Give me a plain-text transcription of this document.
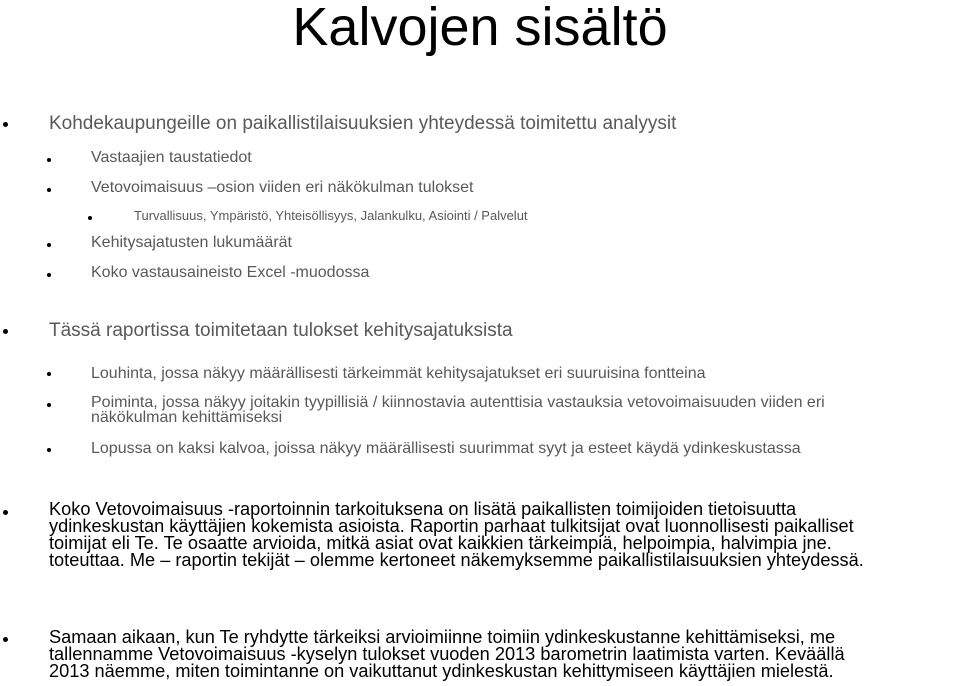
Kalvojen sisältö
Kohdekaupungeille on paikallistilaisuuksien yhteydessä toimitettu analyysit
Vastaajien taustatiedot
Vetovoimaisuus –osion viiden eri näkökulman tulokset
Turvallisuus, Ympäristö, Yhteisöllisyys, Jalankulku, Asiointi / Palvelut
Kehitysajatusten lukumäärät
Koko vastausaineisto Excel -muodossa
Tässä raportissa toimitetaan tulokset kehitysajatuksista
Louhinta, jossa näkyy määrällisesti tärkeimmät kehitysajatukset eri suuruisina fontteina
Poiminta, jossa näkyy joitakin tyypillisiä / kiinnostavia autenttisia vastauksia vetovoimaisuuden viiden eri
näkökulman kehittämiseksi
Lopussa on kaksi kalvoa, joissa näkyy määrällisesti suurimmat syyt ja esteet käydä ydinkeskustassa
Koko Vetovoimaisuus -raportoinnin tarkoituksena on lisätä paikallisten toimijoiden tietoisuutta
ydinkeskustan käyttäjien kokemista asioista. Raportin parhaat tulkitsijat ovat luonnollisesti paikalliset
toimijat eli Te. Te osaatte arvioida, mitkä asiat ovat kaikkien tärkeimpiä, helpoimpia, halvimpia jne.
toteuttaa. Me – raportin tekijät – olemme kertoneet näkemyksemme paikallistilaisuuksien yhteydessä.
Samaan aikaan, kun Te ryhdytte tärkeiksi arvioimiinne toimiin ydinkeskustanne kehittämiseksi, me
tallennamme Vetovoimaisuus -kyselyn tulokset vuoden 2013 barometrin laatimista varten. Keväällä
2013 näemme, miten toimintanne on vaikuttanut ydinkeskustan kehittymiseen käyttäjien mielestä.
